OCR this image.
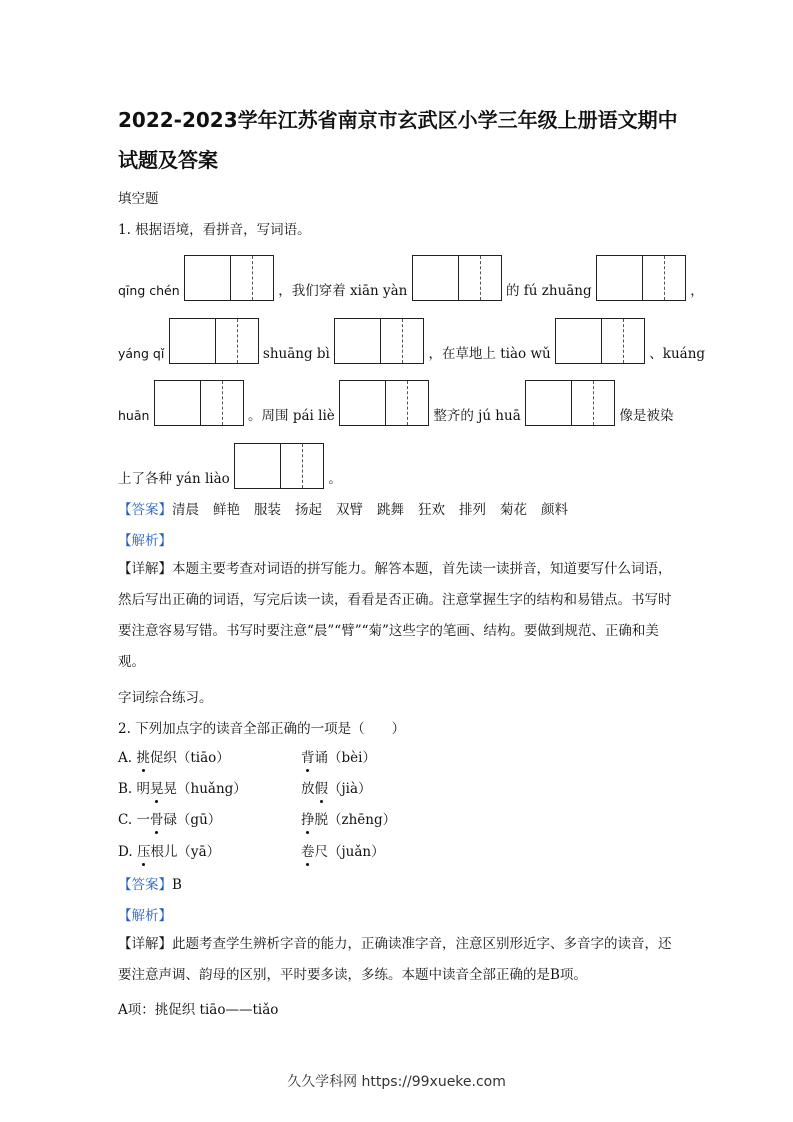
2022-2023学年江苏省南京市玄武区小学三年级上册语文期中试题及答案
填空题
1. 根据语境，看拼音，写词语。
qīng chén	，我们穿着 xiān yàn	的 fú zhuāng	，
yáng qǐ	shuāng bì	，在草地上 tiào wǔ	、kuáng
huān	。周围 pái liè	整齐的 jú huā	像是被染
上了各种 yán liào	。
【答案】清晨 鲜艳 服装 扬起 双臂 跳舞 狂欢 排列 菊花 颜料
【解析】
【详解】本题主要考查对词语的拼写能力。解答本题，首先读一读拼音，知道要写什么词语，然后写出正确的词语，写完后读一读，看看是否正确。注意掌握生字的结构和易错点。书写时要注意容易写错。书写时要注意“晨”“臂”“菊”这些字的笔画、结构。要做到规范、正确和美观。
字词综合练习。
2. 下列加点字的读音全部正确的一项是（　　）
A. 挑促织（tiāo）	背诵（bèi）
B. 明晃晃（huǎng）	放假（jià）
C. 一骨碌（gū）	挣脱（zhēng）
D. 压根儿（yā）	卷尺（juǎn）
【答案】B
【解析】
【详解】此题考查学生辨析字音的能力，正确读准字音，注意区别形近字、多音字的读音，还要注意声调、韵母的区别，平时要多读，多练。本题中读音全部正确的是B项。
A项：挑促织 tiāo——tiǎo
久久学科网 https://99xueke.com
